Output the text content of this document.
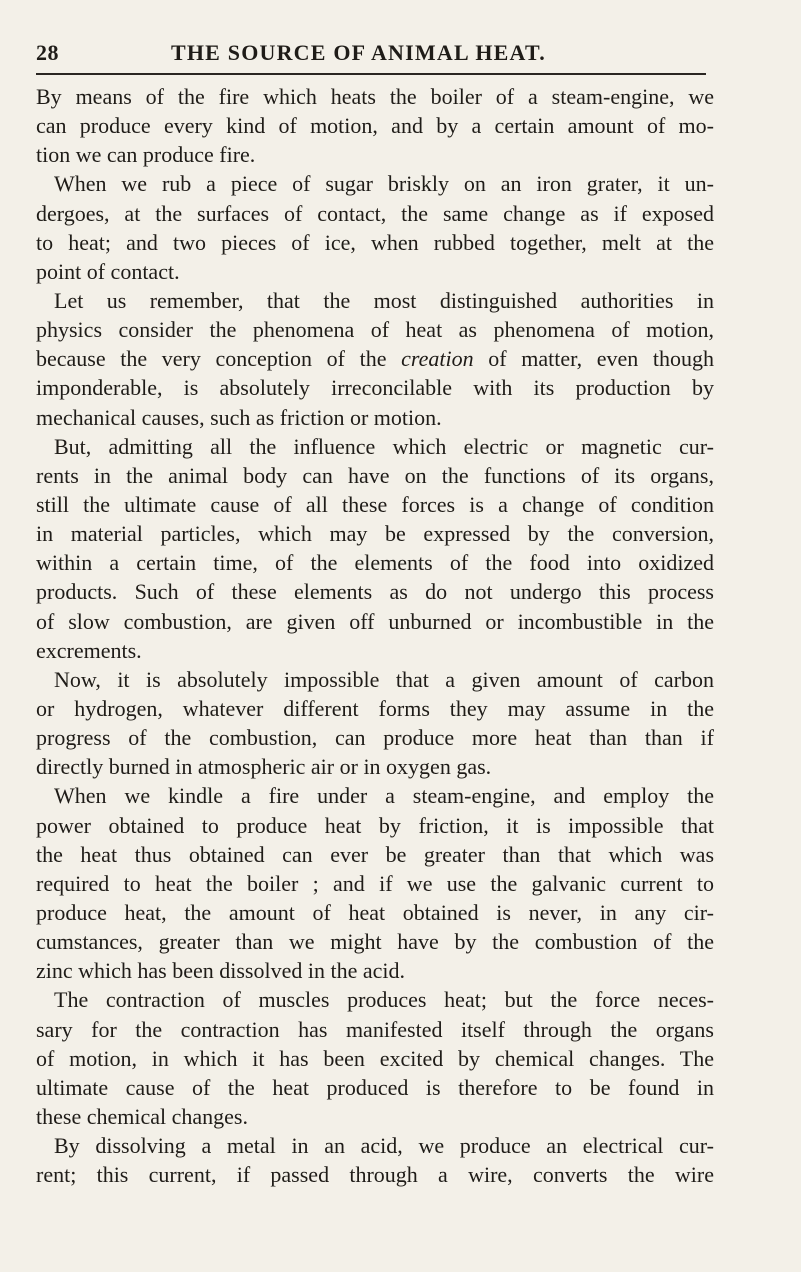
28	THE SOURCE OF ANIMAL HEAT.
By means of the fire which heats the boiler of a steam-engine, we
can produce every kind of motion, and by a certain amount of mo-
tion we can produce fire.
When we rub a piece of sugar briskly on an iron grater, it un-
dergoes, at the surfaces of contact, the same change as if exposed
to heat; and two pieces of ice, when rubbed together, melt at the
point of contact.
Let us remember, that the most distinguished authorities in
physics consider the phenomena of heat as phenomena of motion,
because the very conception of the creation of matter, even though
imponderable, is absolutely irreconcilable with its production by
mechanical causes, such as friction or motion.
But, admitting all the influence which electric or magnetic cur-
rents in the animal body can have on the functions of its organs,
still the ultimate cause of all these forces is a change of condition
in material particles, which may be expressed by the conversion,
within a certain time, of the elements of the food into oxidized
products. Such of these elements as do not undergo this process
of slow combustion, are given off unburned or incombustible in the
excrements.
Now, it is absolutely impossible that a given amount of carbon
or hydrogen, whatever different forms they may assume in the
progress of the combustion, can produce more heat than than if
directly burned in atmospheric air or in oxygen gas.
When we kindle a fire under a steam-engine, and employ the
power obtained to produce heat by friction, it is impossible that
the heat thus obtained can ever be greater than that which was
required to heat the boiler ; and if we use the galvanic current to
produce heat, the amount of heat obtained is never, in any cir-
cumstances, greater than we might have by the combustion of the
zinc which has been dissolved in the acid.
The contraction of muscles produces heat; but the force neces-
sary for the contraction has manifested itself through the organs
of motion, in which it has been excited by chemical changes. The
ultimate cause of the heat produced is therefore to be found in
these chemical changes.
By dissolving a metal in an acid, we produce an electrical cur-
rent; this current, if passed through a wire, converts the wire
